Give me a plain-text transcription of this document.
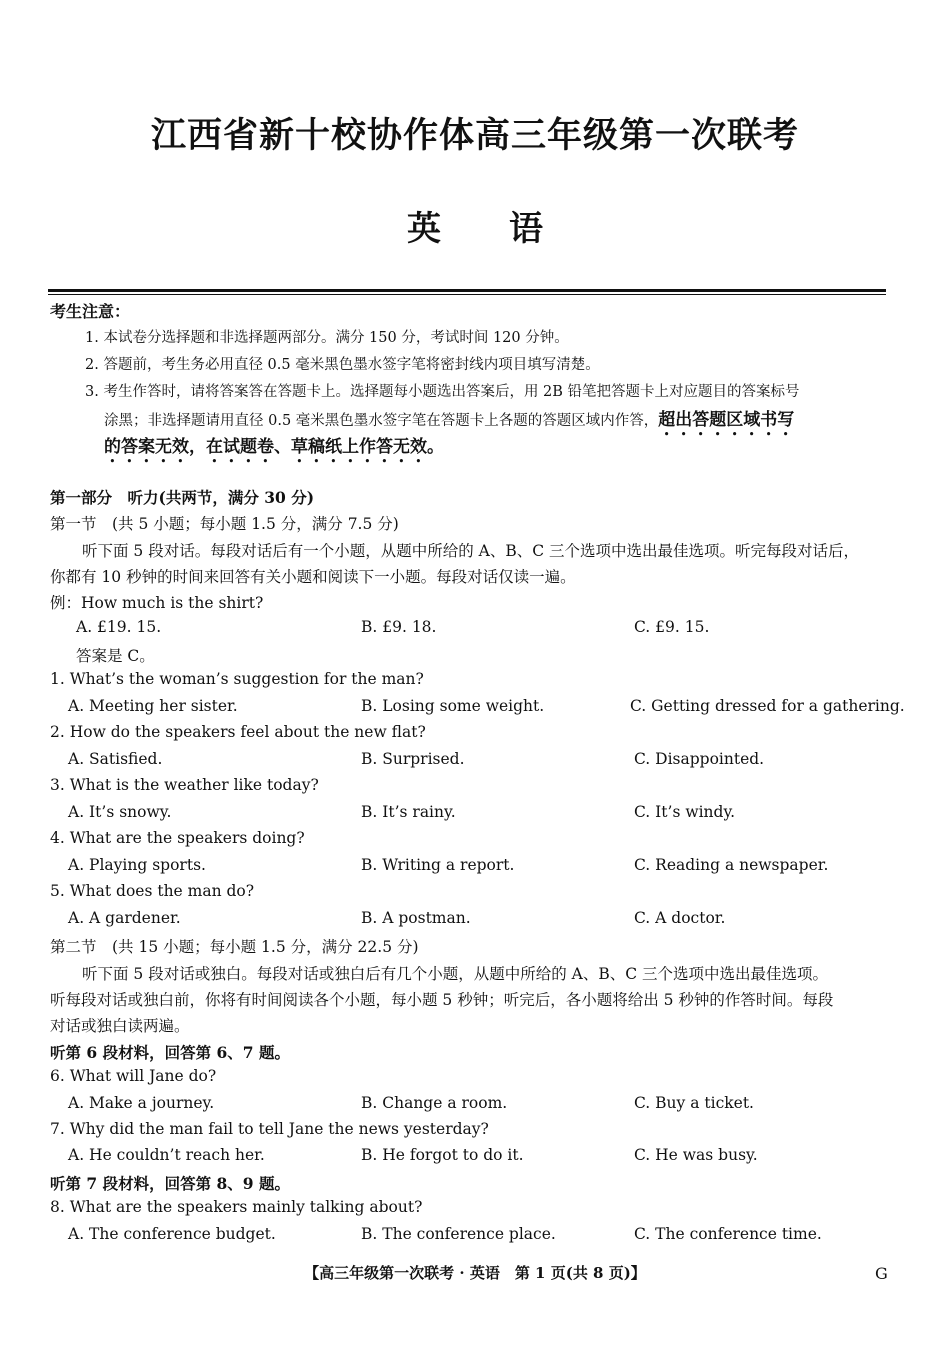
江西省新十校协作体高三年级第一次联考
英　　语
考生注意：
1. 本试卷分选择题和非选择题两部分。满分 150 分，考试时间 120 分钟。
2. 答题前，考生务必用直径 0.5 毫米黑色墨水签字笔将密封线内项目填写清楚。
3. 考生作答时，请将答案答在答题卡上。选择题每小题选出答案后，用 2B 铅笔把答题卡上对应题目的答案标号
涂黑；非选择题请用直径 0.5 毫米黑色墨水签字笔在答题卡上各题的答题区域内作答，超出答题区域书写
的答案无效，在试题卷、草稿纸上作答无效。
第一部分　听力(共两节，满分 30 分)
第一节　(共 5 小题；每小题 1.5 分，满分 7.5 分)
听下面 5 段对话。每段对话后有一个小题，从题中所给的 A、B、C 三个选项中选出最佳选项。听完每段对话后，
你都有 10 秒钟的时间来回答有关小题和阅读下一小题。每段对话仅读一遍。
例：How much is the shirt?
A. £19. 15.	B. £9. 18.	C. £9. 15.
答案是 C。
1. What’s the woman’s suggestion for the man?
A. Meeting her sister.	B. Losing some weight.	C. Getting dressed for a gathering.
2. How do the speakers feel about the new flat?
A. Satisfied.	B. Surprised.	C. Disappointed.
3. What is the weather like today?
A. It’s snowy.	B. It’s rainy.	C. It’s windy.
4. What are the speakers doing?
A. Playing sports.	B. Writing a report.	C. Reading a newspaper.
5. What does the man do?
A. A gardener.	B. A postman.	C. A doctor.
第二节　(共 15 小题；每小题 1.5 分，满分 22.5 分)
听下面 5 段对话或独白。每段对话或独白后有几个小题，从题中所给的 A、B、C 三个选项中选出最佳选项。
听每段对话或独白前，你将有时间阅读各个小题，每小题 5 秒钟；听完后，各小题将给出 5 秒钟的作答时间。每段
对话或独白读两遍。
听第 6 段材料，回答第 6、7 题。
6. What will Jane do?
A. Make a journey.	B. Change a room.	C. Buy a ticket.
7. Why did the man fail to tell Jane the news yesterday?
A. He couldn’t reach her.	B. He forgot to do it.	C. He was busy.
听第 7 段材料，回答第 8、9 题。
8. What are the speakers mainly talking about?
A. The conference budget.	B. The conference place.	C. The conference time.
【高三年级第一次联考 · 英语　第 1 页(共 8 页)】	G
